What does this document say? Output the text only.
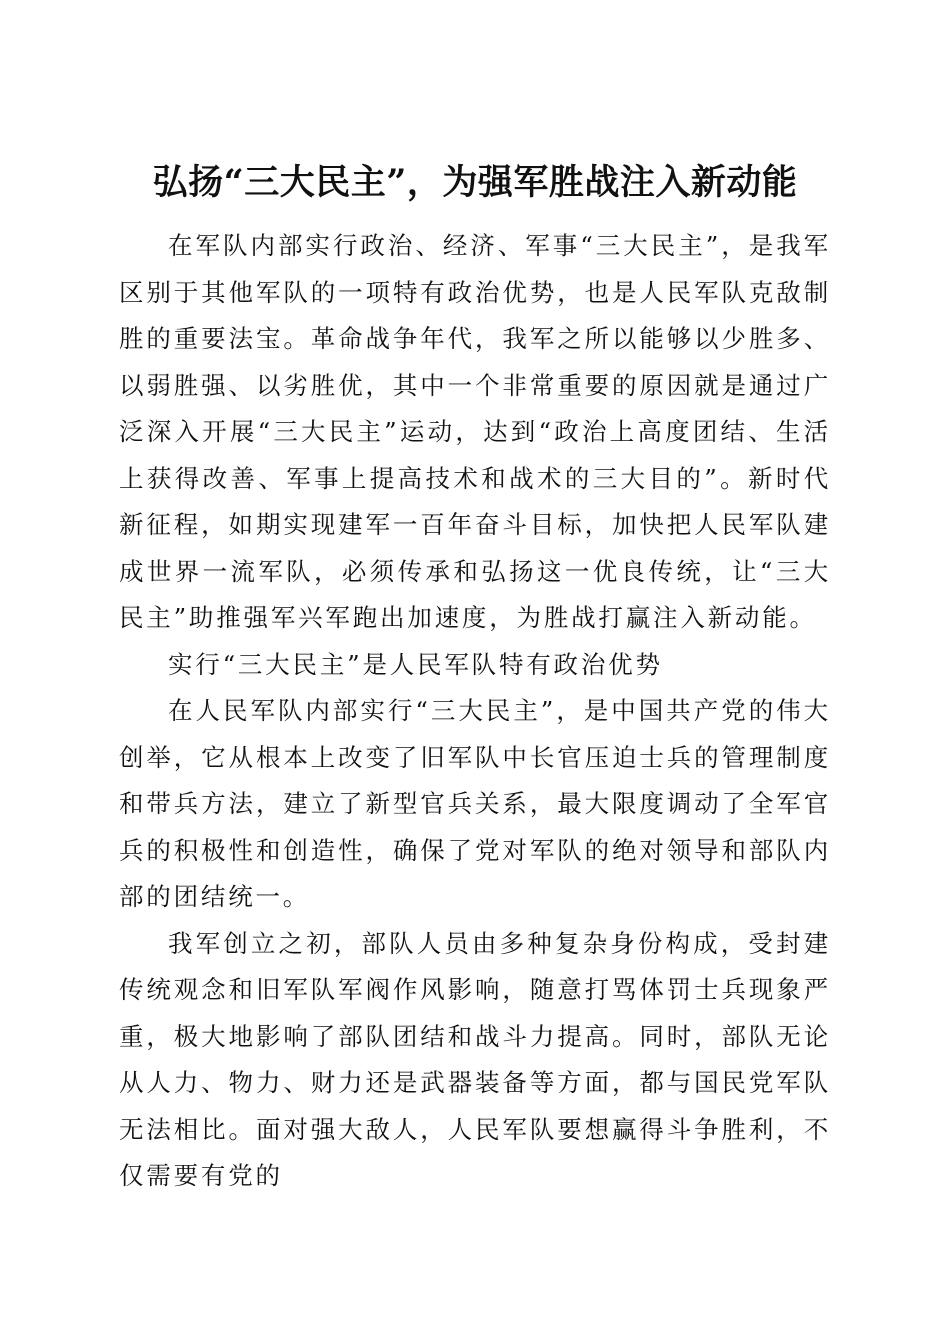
弘扬“三大民主”，为强军胜战注入新动能

在军队内部实行政治、经济、军事“三大民主”，是我军区别于其他军队的一项特有政治优势，也是人民军队克敌制胜的重要法宝。革命战争年代，我军之所以能够以少胜多、以弱胜强、以劣胜优，其中一个非常重要的原因就是通过广泛深入开展“三大民主”运动，达到“政治上高度团结、生活上获得改善、军事上提高技术和战术的三大目的”。新时代新征程，如期实现建军一百年奋斗目标，加快把人民军队建成世界一流军队，必须传承和弘扬这一优良传统，让“三大民主”助推强军兴军跑出加速度，为胜战打赢注入新动能。

实行“三大民主”是人民军队特有政治优势

在人民军队内部实行“三大民主”，是中国共产党的伟大创举，它从根本上改变了旧军队中长官压迫士兵的管理制度和带兵方法，建立了新型官兵关系，最大限度调动了全军官兵的积极性和创造性，确保了党对军队的绝对领导和部队内部的团结统一。

我军创立之初，部队人员由多种复杂身份构成，受封建传统观念和旧军队军阀作风影响，随意打骂体罚士兵现象严重，极大地影响了部队团结和战斗力提高。同时，部队无论从人力、物力、财力还是武器装备等方面，都与国民党军队无法相比。面对强大敌人，人民军队要想赢得斗争胜利，不仅需要有党的
